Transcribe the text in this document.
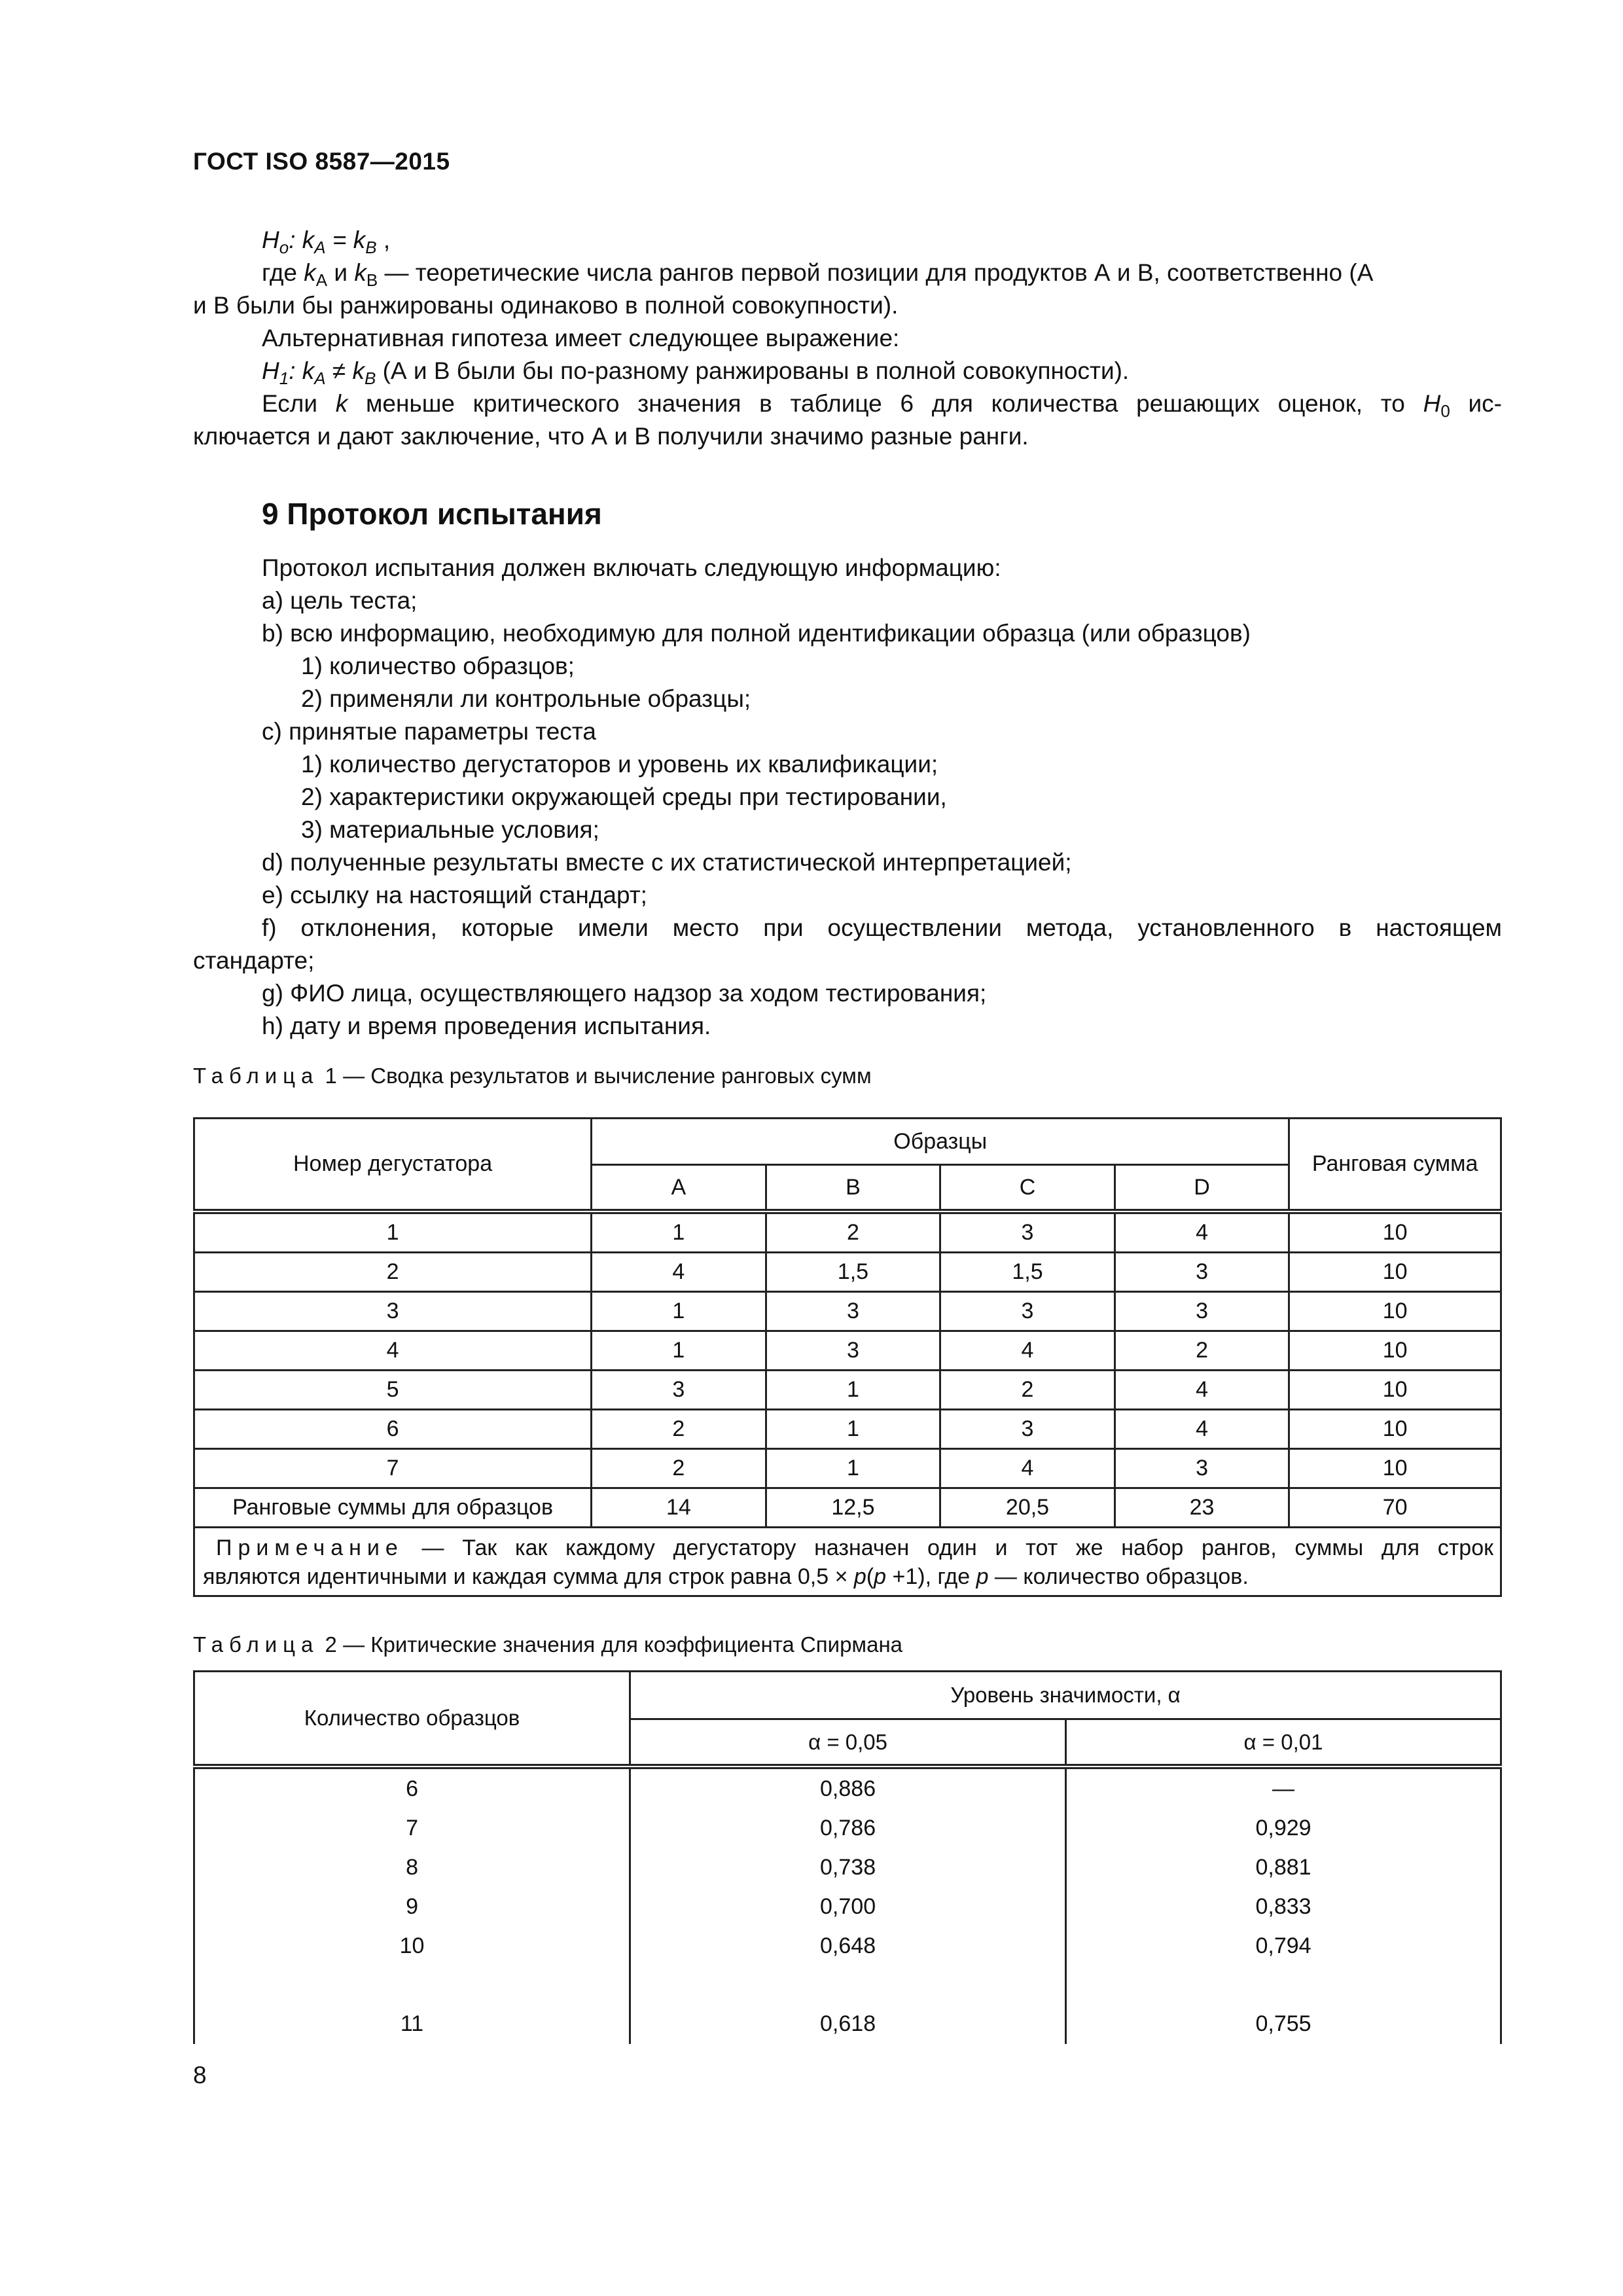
ГОСТ ISO 8587—2015
$H_o$: $k_A = k_B$ ,
где $k_A$ и $k_B$ — теоретические числа рангов первой позиции для продуктов А и В, соответственно (А
и В были бы ранжированы одинаково в полной совокупности).
Альтернативная гипотеза имеет следующее выражение:
$H_1$: $k_A \ne k_B$ (А и В были бы по-разному ранжированы в полной совокупности).
Если k меньше критического значения в таблице 6 для количества решающих оценок, то $H_0$ ис-
ключается и дают заключение, что А и В получили значимо разные ранги.
9 Протокол испытания
Протокол испытания должен включать следующую информацию:
a) цель теста;
b) всю информацию, необходимую для полной идентификации образца (или образцов)
1) количество образцов;
2) применяли ли контрольные образцы;
c) принятые параметры теста
1) количество дегустаторов и уровень их квалификации;
2) характеристики окружающей среды при тестировании,
3) материальные условия;
d) полученные результаты вместе с их статистической интерпретацией;
e) ссылку на настоящий стандарт;
f) отклонения, которые имели место при осуществлении метода, установленного в настоящем
стандарте;
g) ФИО лица, осуществляющего надзор за ходом тестирования;
h) дату и время проведения испытания.
Таблица 1 — Сводка результатов и вычисление ранговых сумм
Номер дегустатора	Образцы				Ранговая сумма
	A	B	C	D	
1	1	2	3	4	10
2	4	1,5	1,5	3	10
3	1	3	3	3	10
4	1	3	4	2	10
5	3	1	2	4	10
6	2	1	3	4	10
7	2	1	4	3	10
Ранговые суммы для образцов	14	12,5	20,5	23	70

Примечание — Так как каждому дегустатору назначен один и тот же набор рангов, суммы для строк
являются идентичными и каждая сумма для строк равна 0,5 × p(p +1), где p — количество образцов.					
Таблица 2 — Критические значения для коэффициента Спирмана
Количество образцов	Уровень значимости, α	
	α = 0,05	α = 0,01
6	0,886	—
7	0,786	0,929
8	0,738	0,881
9	0,700	0,833
10	0,648	0,794

11	0,618	0,755
8
